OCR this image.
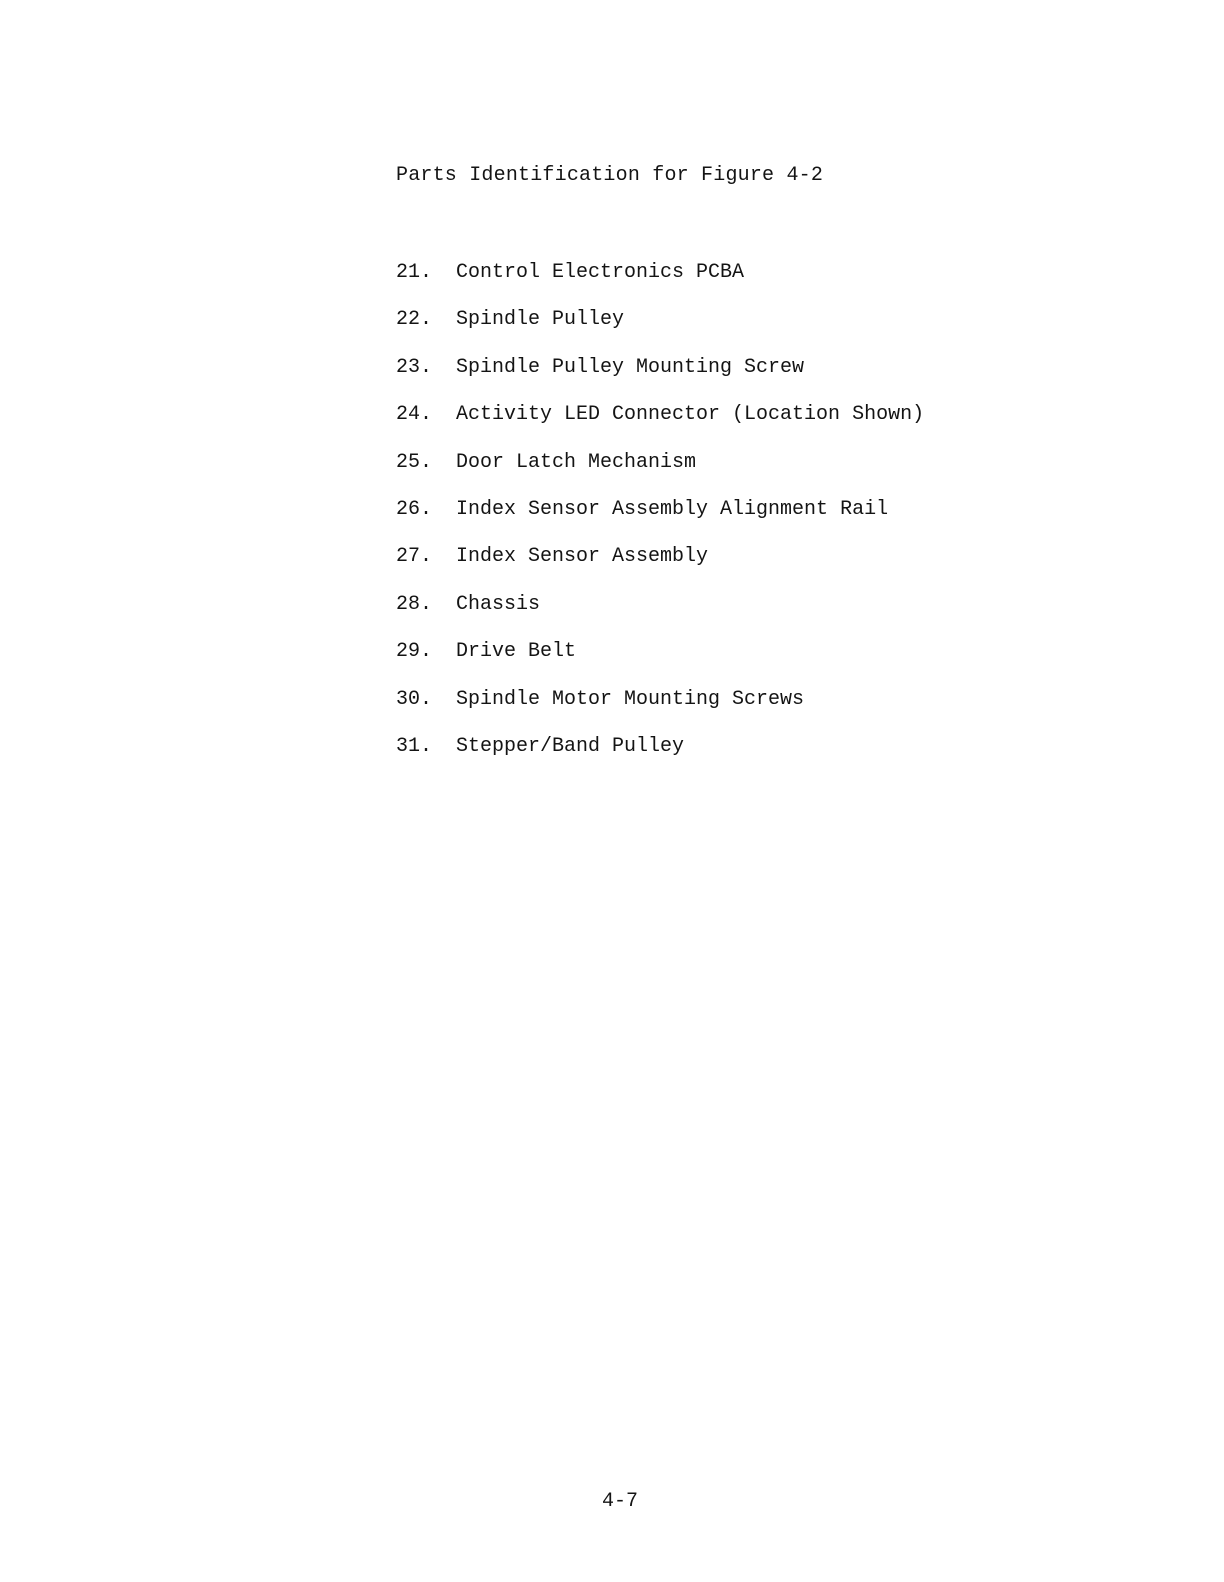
Parts Identification for Figure 4-2
21.	Control Electronics PCBA
22.	Spindle Pulley
23.	Spindle Pulley Mounting Screw
24.	Activity LED Connector (Location Shown)
25.	Door Latch Mechanism
26.	Index Sensor Assembly Alignment Rail
27.	Index Sensor Assembly
28.	Chassis
29.	Drive Belt
30.	Spindle Motor Mounting Screws
31.	Stepper/Band Pulley
4-7
